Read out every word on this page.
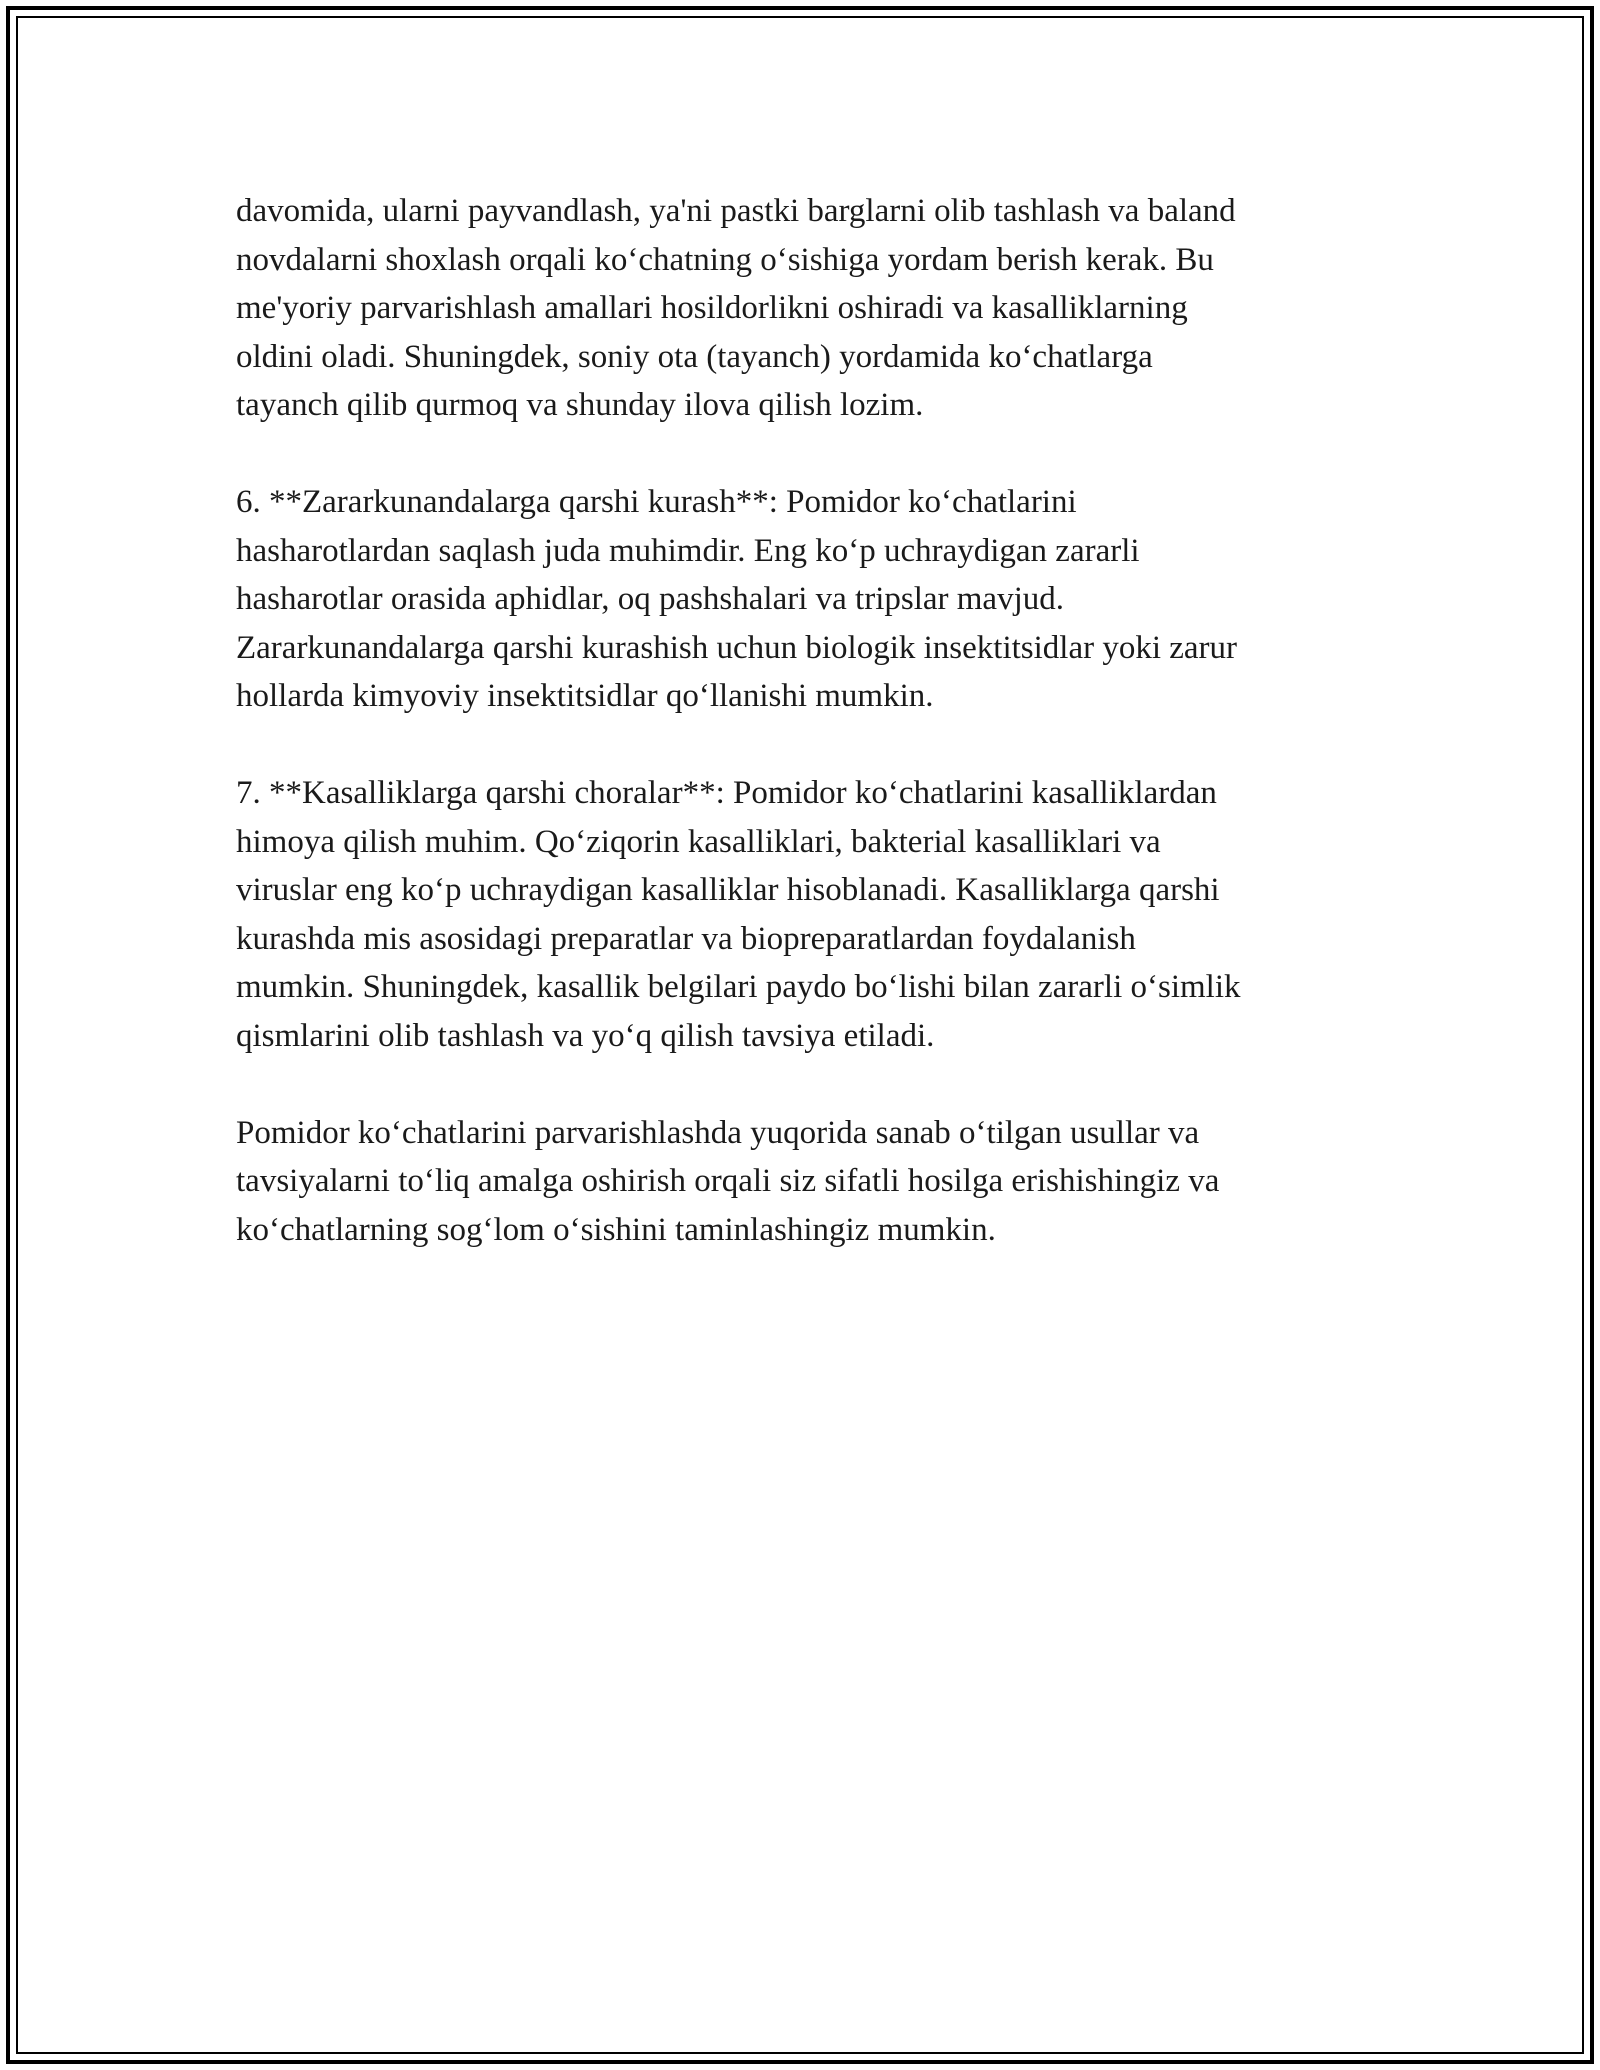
davomida, ularni payvandlash, ya'ni pastki barglarni olib tashlash va baland
novdalarni shoxlash orqali ko‘chatning o‘sishiga yordam berish kerak. Bu
me'yoriy parvarishlash amallari hosildorlikni oshiradi va kasalliklarning
oldini oladi. Shuningdek, soniy ota (tayanch) yordamida ko‘chatlarga
tayanch qilib qurmoq va shunday ilova qilish lozim.

6. **Zararkunandalarga qarshi kurash**: Pomidor ko‘chatlarini
hasharotlardan saqlash juda muhimdir. Eng ko‘p uchraydigan zararli
hasharotlar orasida aphidlar, oq pashshalari va tripslar mavjud.
Zararkunandalarga qarshi kurashish uchun biologik insektitsidlar yoki zarur
hollarda kimyoviy insektitsidlar qo‘llanishi mumkin.

7. **Kasalliklarga qarshi choralar**: Pomidor ko‘chatlarini kasalliklardan
himoya qilish muhim. Qo‘ziqorin kasalliklari, bakterial kasalliklari va
viruslar eng ko‘p uchraydigan kasalliklar hisoblanadi. Kasalliklarga qarshi
kurashda mis asosidagi preparatlar va biopreparatlardan foydalanish
mumkin. Shuningdek, kasallik belgilari paydo bo‘lishi bilan zararli o‘simlik
qismlarini olib tashlash va yo‘q qilish tavsiya etiladi.

Pomidor ko‘chatlarini parvarishlashda yuqorida sanab o‘tilgan usullar va
tavsiyalarni to‘liq amalga oshirish orqali siz sifatli hosilga erishishingiz va
ko‘chatlarning sog‘lom o‘sishini taminlashingiz mumkin.
